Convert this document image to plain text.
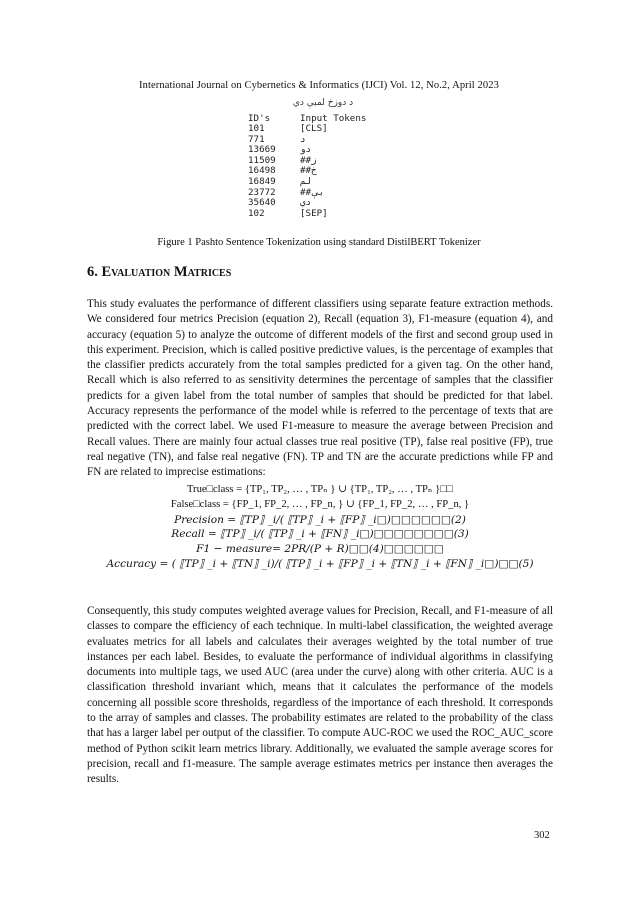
International Journal on Cybernetics & Informatics (IJCI) Vol. 12, No.2, April 2023
د دوزخ لمبې دي
ID's	Input Tokens
101	[CLS]
771	د
13669	دو
11509	##ز
16498	##خ
16849	لم
23772	##بې
35640	دي
102	[SEP]
Figure 1 Pashto Sentence Tokenization using standard DistilBERT Tokenizer
6. Evaluation Matrices

This study evaluates the performance of different classifiers using separate feature extraction methods. We considered four metrics Precision (equation 2), Recall (equation 3), F1-measure (equation 4), and accuracy (equation 5) to analyze the outcome of different models of the first and second group used in this experiment. Precision, which is called positive predictive values, is the percentage of examples that the classifier predicts accurately from the total samples predicted for a given tag. On the other hand, Recall which is also referred to as sensitivity determines the percentage of samples that the classifier predicts for a given label from the total number of samples that should be predicted for that label. Accuracy represents the performance of the model while is referred to the percentage of texts that are predicted with the correct label. We used F1-measure to measure the average between Precision and Recall values. There are mainly four actual classes true real positive (TP), false real positive (FP), true real negative (TN), and false real negative (FN). TP and TN are the accurate predictions while FP and FN are related to imprecise estimations:

True□class = {TP₁, TP₂, … , TPₙ } ∪ {TP₁, TP₂, … , TPₙ }□□
False□class = {FP_1, FP_2, … , FP_n, } ∪ {FP_1, FP_2, … , FP_n, }
Precision = ⟦TP⟧ _i/( ⟦TP⟧ _i + ⟦FP⟧ _i□)□□□□□□(2)
Recall = ⟦TP⟧ _i/( ⟦TP⟧ _i + ⟦FN⟧ _i□)□□□□□□□□(3)
F1 − measure= 2PR/(P + R)□□(4)□□□□□□
Accuracy = ( ⟦TP⟧ _i + ⟦TN⟧ _i)/( ⟦TP⟧ _i + ⟦FP⟧ _i + ⟦TN⟧ _i + ⟦FN⟧ _i□)□□(5)

Consequently, this study computes weighted average values for Precision, Recall, and F1-measure of all classes to compare the efficiency of each technique. In multi-label classification, the weighted average evaluates metrics for all labels and calculates their averages weighted by the total number of true instances per each label. Besides, to evaluate the performance of individual algorithms in classifying documents into multiple tags, we used AUC (area under the curve) along with other criteria. AUC is a classification threshold invariant which, means that it calculates the performance of the models concerning all possible score thresholds, regardless of the importance of each threshold. It corresponds to the array of samples and classes. The probability estimates are related to the probability of the class that has a larger label per output of the classifier. To compute AUC-ROC we used the ROC_AUC_score method of Python scikit learn metrics library. Additionally, we evaluated the sample average scores for precision, recall and f1-measure. The sample average estimates metrics per instance then averages the results.

302
